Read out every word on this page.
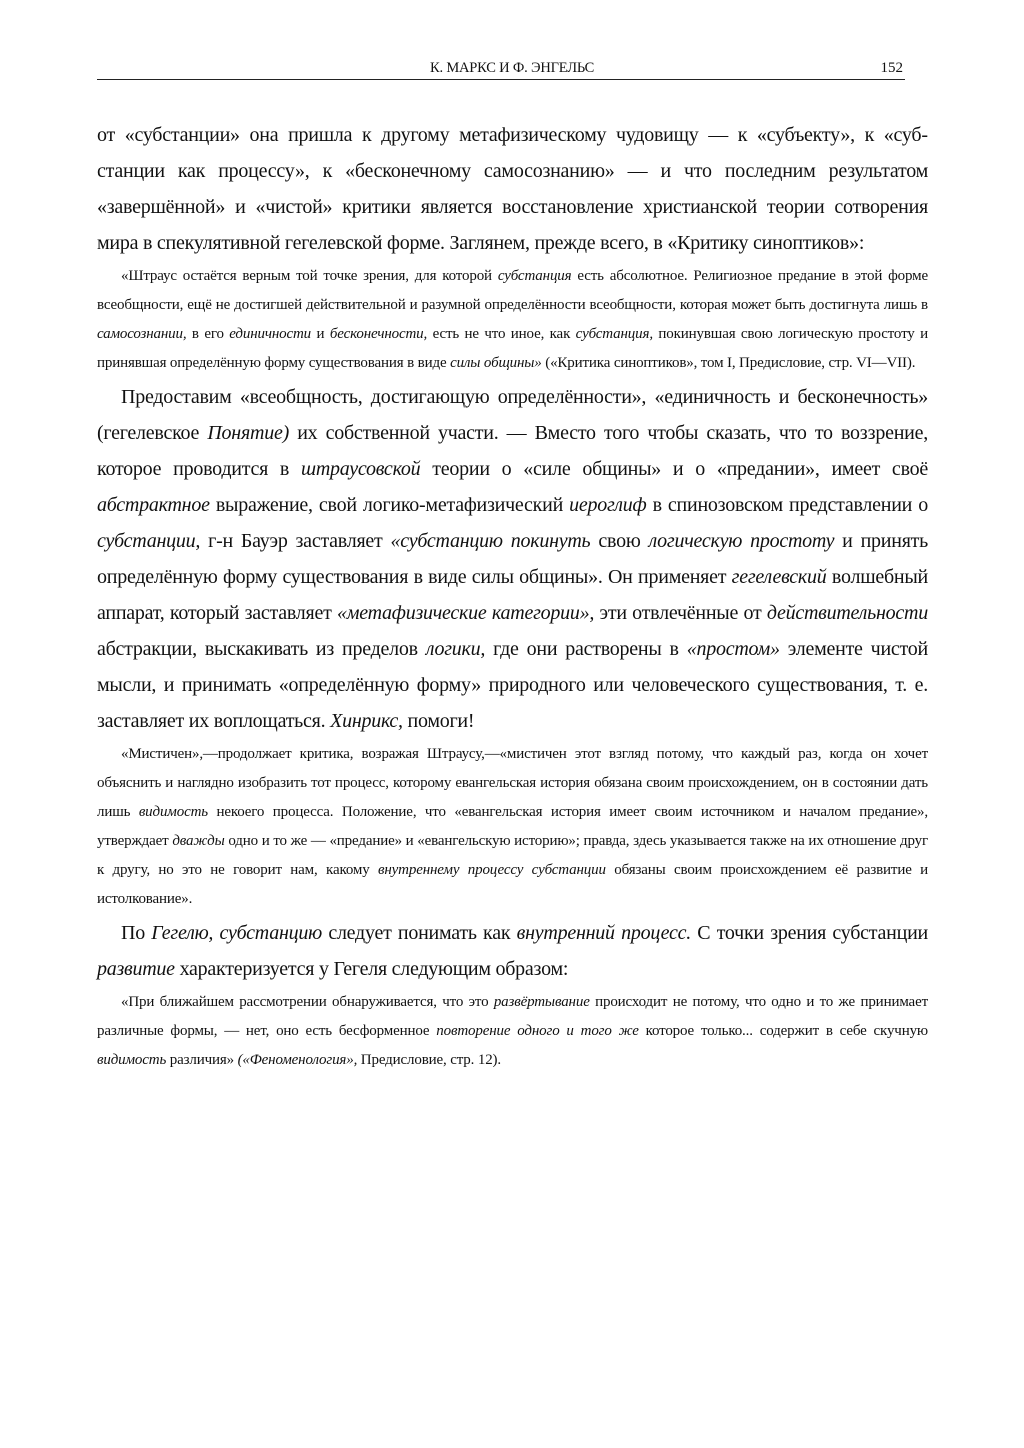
К. МАРКС И Ф. ЭНГЕЛЬС	152

от «субстанции» она пришла к другому метафизическому чудовищу — к «субъекту», к «субстанции как процессу», к «бесконечному самосознанию» — и что последним результатом «завершённой» и «чистой» критики является восстановление христианской теории сотворения мира в спекулятивной гегелевской форме. Заглянем, прежде всего, в «Критику синоптиков»:

«Штраус остаётся верным той точке зрения, для которой субстанция есть абсолютное. Религиозное предание в этой форме всеобщности, ещё не достигшей действительной и разумной определённости всеобщности, которая может быть достигнута лишь в самосознании, в его единичности и бесконечности, есть не что иное, как субстанция, покинувшая свою логическую простоту и принявшая определённую форму существования в виде силы общины» («Критика синоптиков», том I, Предисловие, стр. VI—VII).

Предоставим «всеобщность, достигающую определённости», «единичность и бесконечность» (гегелевское Понятие) их собственной участи. — Вместо того чтобы сказать, что то воззрение, которое проводится в штраусовской теории о «силе общины» и о «предании», имеет своё абстрактное выражение, свой логико-метафизический иероглиф в спинозовском представлении о субстанции, г-н Бауэр заставляет «субстанцию покинуть свою логическую простоту и принять определённую форму существования в виде силы общины». Он применяет гегелевский волшебный аппарат, который заставляет «метафизические категории», эти отвлечённые от действительности абстракции, выскакивать из пределов логики, где они растворены в «простом» элементе чистой мысли, и принимать «определённую форму» природного или человеческого существования, т. е. заставляет их воплощаться. Хинрикс, помоги!

«Мистичен»,—продолжает критика, возражая Штраусу,—«мистичен этот взгляд потому, что каждый раз, когда он хочет объяснить и наглядно изобразить тот процесс, которому евангельская история обязана своим происхождением, он в состоянии дать лишь видимость некоего процесса. Положение, что «евангельская история имеет своим источником и началом предание», утверждает дважды одно и то же — «предание» и «евангельскую историю»; правда, здесь указывается также на их отношение друг к другу, но это не говорит нам, какому внутреннему процессу субстанции обязаны своим происхождением её развитие и истолкование».

По Гегелю, субстанцию следует понимать как внутренний процесс. С точки зрения субстанции развитие характеризуется у Гегеля следующим образом:

«При ближайшем рассмотрении обнаруживается, что это развёртывание происходит не потому, что одно и то же принимает различные формы, — нет, оно есть бесформенное повторение одного и того же которое только... содержит в себе скучную видимость различия» («Феноменология», Предисловие, стр. 12).
